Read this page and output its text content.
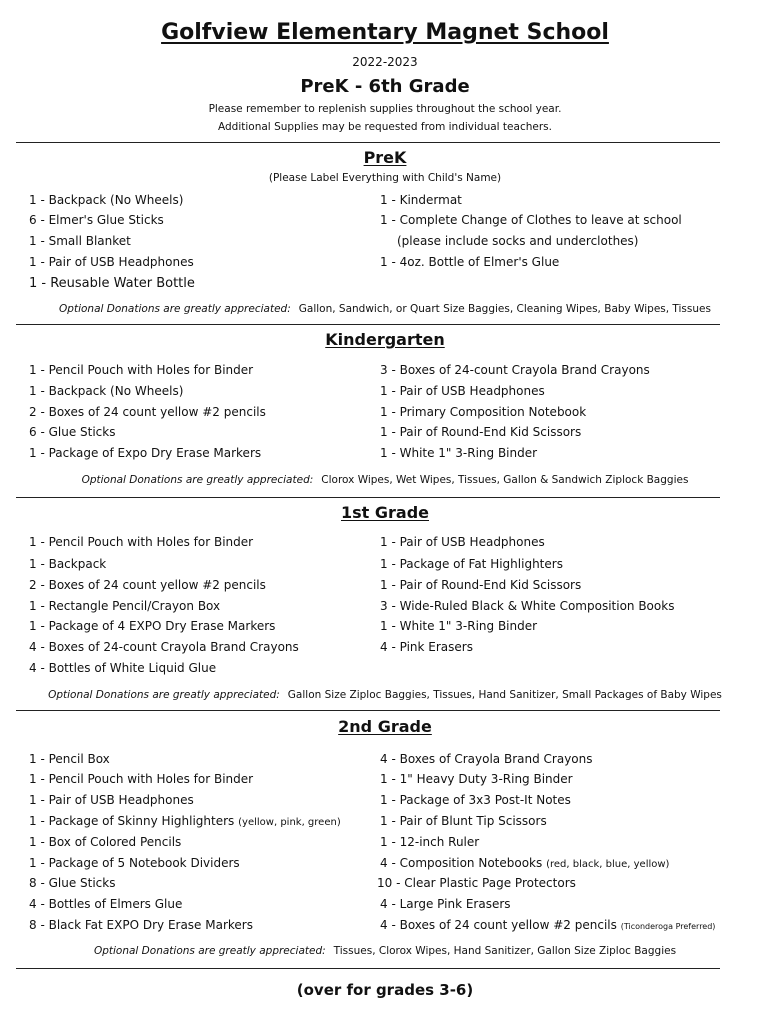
Golfview Elementary Magnet School
2022-2023
PreK - 6th Grade
Please remember to replenish supplies throughout the school year.
Additional Supplies may be requested from individual teachers.
PreK
(Please Label Everything with Child's Name)
1 - Backpack (No Wheels)
6 - Elmer's Glue Sticks
1 - Small Blanket
1 - Pair of USB Headphones
1 - Reusable Water Bottle
1 - Kindermat
1 - Complete Change of Clothes to leave at school
(please include socks and underclothes)
1 - 4oz. Bottle of Elmer's Glue
Optional Donations are greatly appreciated: Gallon, Sandwich, or Quart Size Baggies, Cleaning Wipes, Baby Wipes, Tissues
Kindergarten
1 - Pencil Pouch with Holes for Binder
1 - Backpack (No Wheels)
2 - Boxes of 24 count yellow #2 pencils
6 - Glue Sticks
1 - Package of Expo Dry Erase Markers
3 - Boxes of 24-count Crayola Brand Crayons
1 - Pair of USB Headphones
1 - Primary Composition Notebook
1 - Pair of Round-End Kid Scissors
1 - White 1" 3-Ring Binder
Optional Donations are greatly appreciated: Clorox Wipes, Wet Wipes, Tissues, Gallon & Sandwich Ziplock Baggies
1st Grade
1 - Pencil Pouch with Holes for Binder
1 - Backpack
2 - Boxes of 24 count yellow #2 pencils
1 - Rectangle Pencil/Crayon Box
1 - Package of 4 EXPO Dry Erase Markers
4 - Boxes of 24-count Crayola Brand Crayons
4 - Bottles of White Liquid Glue
1 - Pair of USB Headphones
1 - Package of Fat Highlighters
1 - Pair of Round-End Kid Scissors
3 - Wide-Ruled Black & White Composition Books
1 - White 1" 3-Ring Binder
4 - Pink Erasers
Optional Donations are greatly appreciated: Gallon Size Ziploc Baggies, Tissues, Hand Sanitizer, Small Packages of Baby Wipes
2nd Grade
1 - Pencil Box
1 - Pencil Pouch with Holes for Binder
1 - Pair of USB Headphones
1 - Package of Skinny Highlighters (yellow, pink, green)
1 - Box of Colored Pencils
1 - Package of 5 Notebook Dividers
8 - Glue Sticks
4 - Bottles of Elmers Glue
8 - Black Fat EXPO Dry Erase Markers
4 - Boxes of Crayola Brand Crayons
1 - 1" Heavy Duty 3-Ring Binder
1 - Package of 3x3 Post-It Notes
1 - Pair of Blunt Tip Scissors
1 - 12-inch Ruler
4 - Composition Notebooks (red, black, blue, yellow)
10 - Clear Plastic Page Protectors
4 - Large Pink Erasers
4 - Boxes of 24 count yellow #2 pencils (Ticonderoga Preferred)
Optional Donations are greatly appreciated: Tissues, Clorox Wipes, Hand Sanitizer, Gallon Size Ziploc Baggies
(over for grades 3-6)
